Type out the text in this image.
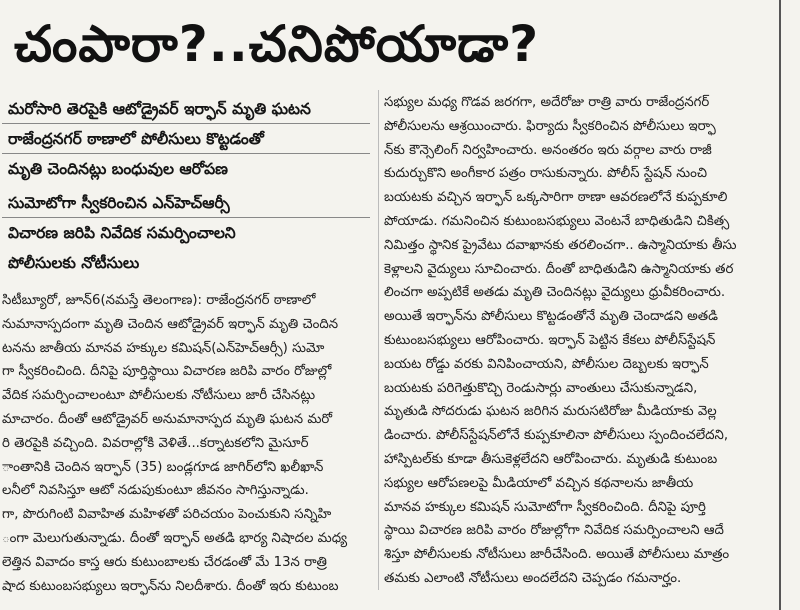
చంపారా?..చనిపోయాడా?
మరోసారి తెరపైకి ఆటోడ్రైవర్ ఇర్ఫాన్ మృతి ఘటన
రాజేంద్రనగర్ ఠాణాలో పోలీసులు కొట్టడంతో
మృతి చెందినట్లు బంధువుల ఆరోపణ
సుమోటోగా స్వీకరించిన ఎన్‌హెచ్ఆర్సీ
విచారణ జరిపి నివేదిక సమర్పించాలని
పోలీసులకు నోటీసులు

సిటీబ్యూరో, జూన్6(నమస్తే తెలంగాణ): రాజేంద్రనగర్ ఠాణాలో

నుమానాస్పదంగా మృతి చెందిన ఆటోడ్రైవర్ ఇర్ఫాన్ మృతి చెందిన

టనను జాతీయ మానవ హక్కుల కమిషన్(ఎన్‌హెచ్ఆర్సీ) సుమో

గా స్వీకరించింది. దీనిపై పూర్తిస్థాయి విచారణ జరిపి వారం రోజుల్లో

వేదిక సమర్పించాలంటూ పోలీసులకు నోటీసులు జారీ చేసినట్లు

మాచారం. దీంతో ఆటోడ్రైవర్ అనుమానాస్పద మృతి ఘటన మరో

రి తెరపైకి వచ్చింది. వివరాల్లోకి వెళితే...కర్నాటకలోని మైసూర్

ాంతానికి చెందిన ఇర్ఫాన్ (35) బండ్లగూడ జాగిర్‌లోని ఖలీఖాన్

లనీలో నివసిస్తూ ఆటో నడుపుకుంటూ జీవనం సాగిస్తున్నాడు.

గా, పొరుగింటి వివాహిత మహిళతో పరిచయం పెంచుకుని సన్నిహి

ంగా మెలుగుతున్నాడు. దీంతో ఇర్ఫాన్ అతడి భార్య నిషాదల మధ్య

లెత్తిన వివాదం కాస్త ఆరు కుటుంబాలకు చేరడంతో మే 13న రాత్రి

షాద కుటుంబసభ్యులు ఇర్ఫాన్‌ను నిలదీశారు. దీంతో ఇరు కుటుంబ

సభ్యుల మధ్య గొడవ జరగగా, అదేరోజు రాత్రి వారు రాజేంద్రనగర్

పోలీసులను ఆశ్రయించారు. ఫిర్యాదు స్వీకరించిన పోలీసులు ఇర్ఫా

న్‌కు కౌన్సెలింగ్ నిర్వహించారు. అనంతరం ఇరు వర్గాల వారు రాజీ

కుదుర్చుకొని అంగీకార పత్రం రాసుకున్నారు. పోలీస్ స్టేషన్ నుంచి

బయటకు వచ్చిన ఇర్ఫాన్ ఒక్కసారిగా ఠాణా ఆవరణలోనే కుప్పకూలి

పోయాడు. గమనించిన కుటుంబసభ్యులు వెంటనే బాధితుడిని చికిత్స

నిమిత్తం స్థానిక ప్రైవేటు దవాఖానకు తరలించగా.. ఉస్మానియాకు తీసు

కెళ్లాలని వైద్యులు సూచించారు. దీంతో బాధితుడిని ఉస్మానియాకు తర

లించగా అప్పటికే అతడు మృతి చెందినట్లు వైద్యులు ధ్రువీకరించారు.

అయితే ఇర్ఫాన్‌ను పోలీసులు కొట్టడంతోనే మృతి చెందాడని అతడి

కుటుంబసభ్యులు ఆరోపించారు. ఇర్ఫాన్ పెట్టిన కేకలు పోలీస్‌స్టేషన్

బయట రోడ్డు వరకు వినిపించాయని, పోలీసుల దెబ్బలకు ఇర్ఫాన్

బయటకు పరిగెత్తుకొచ్చి రెండుసార్లు వాంతులు చేసుకున్నాడని,

మృతుడి సోదరుడు ఘటన జరిగిన మరుసటిరోజు మీడియాకు వెల్ల

డించారు. పోలీస్‌స్టేషన్‌లోనే కుప్పకూలినా పోలీసులు స్పందించలేదని,

హాస్పిటల్‌కు కూడా తీసుకెళ్లలేదని ఆరోపించారు. మృతుడి కుటుంబ

సభ్యుల ఆరోపణలపై మీడియాలో వచ్చిన కథనాలను జాతీయ

మానవ హక్కుల కమిషన్ సుమోటోగా స్వీకరించింది. దీనిపై పూర్తి

స్థాయి విచారణ జరిపి వారం రోజుల్లోగా నివేదిక సమర్పించాలని ఆదే

శిస్తూ పోలీసులకు నోటీసులు జారీచేసింది. అయితే పోలీసులు మాత్రం

తమకు ఎలాంటి నోటీసులు అందలేదని చెప్పడం గమనార్హం.
